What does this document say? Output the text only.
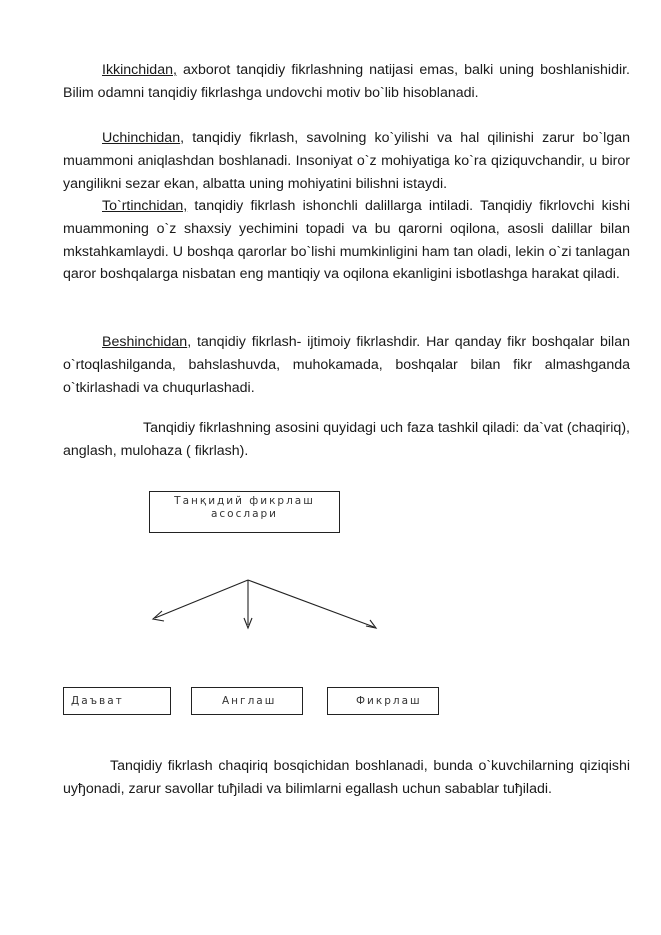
Ikkinchidan, axborot tanqidiy fikrlashning natijasi emas, balki uning boshlanishidir. Bilim odamni tanqidiy fikrlashga undovchi motiv bo`lib hisoblanadi.

Uchinchidan, tanqidiy fikrlash, savolning ko`yilishi va hal qilinishi zarur bo`lgan muammoni aniqlashdan boshlanadi. Insoniyat o`z mohiyatiga ko`ra qiziquvchandir, u biror yangilikni sezar ekan, albatta uning mohiyatini bilishni istaydi.

To`rtinchidan, tanqidiy fikrlash ishonchli dalillarga intiladi. Tanqidiy fikrlovchi kishi muammoning o`z shaxsiy yechimini topadi va bu qarorni oqilona, asosli dalillar bilan mkstahkamlaydi. U boshqa qarorlar bo`lishi mumkinligini ham tan oladi, lekin o`zi tanlagan qaror boshqalarga nisbatan eng mantiqiy va oqilona ekanligini isbotlashga harakat qiladi.

Beshinchidan, tanqidiy fikrlash- ijtimoiy fikrlashdir. Har qanday fikr boshqalar bilan o`rtoqlashilganda, bahslashuvda, muhokamada, boshqalar bilan fikr almashganda o`tkirlashadi va chuqurlashadi.

Tanqidiy fikrlashning asosini quyidagi uch faza tashkil qiladi: da`vat (chaqiriq), anglash, mulohaza ( fikrlash).

Танқидий фикрлаш
асослари
Даъват	Англаш	Фикрлаш

Tanqidiy fikrlash chaqiriq bosqichidan boshlanadi, bunda o`kuvchilarning qiziqishi uyђonadi, zarur savollar tuђiladi va bilimlarni egallash uchun sabablar tuђiladi.
